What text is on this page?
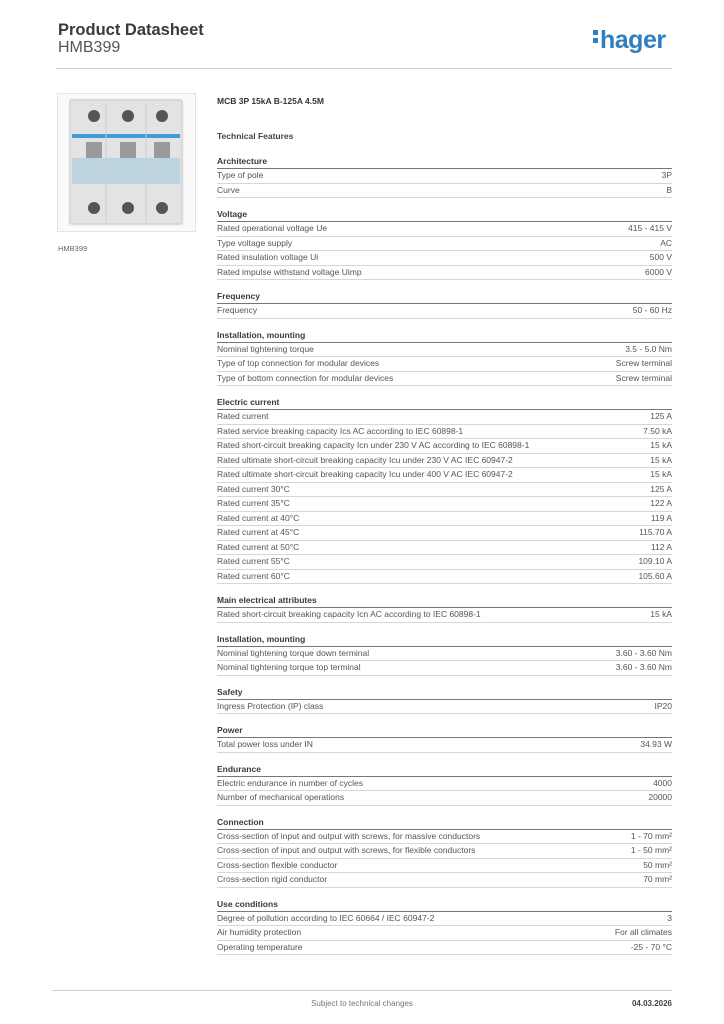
Product Datasheet
HMB399	hager
HMB399
MCB 3P 15kA B-125A 4.5M
Technical Features
Architecture
Type of pole	3P
Curve	B
Voltage
Rated operational voltage Ue	415 - 415 V
Type voltage supply	AC
Rated insulation voltage Ui	500 V
Rated impulse withstand voltage Uimp	6000 V
Frequency
Frequency	50 - 60 Hz
Installation, mounting
Nominal tightening torque	3.5 - 5.0 Nm
Type of top connection for modular devices	Screw terminal
Type of bottom connection for modular devices	Screw terminal
Electric current
Rated current	125 A
Rated service breaking capacity Ics AC according to IEC 60898-1	7.50 kA
Rated short-circuit breaking capacity Icn under 230 V AC according to IEC 60898-1	15 kA
Rated ultimate short-circuit breaking capacity Icu under 230 V AC IEC 60947-2	15 kA
Rated ultimate short-circuit breaking capacity Icu under 400 V AC IEC 60947-2	15 kA
Rated current 30°C	125 A
Rated current 35°C	122 A
Rated current at 40°C	119 A
Rated current at 45°C	115.70 A
Rated current at 50°C	112 A
Rated current 55°C	109.10 A
Rated current 60°C	105.60 A
Main electrical attributes
Rated short-circuit breaking capacity Icn AC according to IEC 60898-1	15 kA
Installation, mounting
Nominal tightening torque down terminal	3.60 - 3.60 Nm
Nominal tightening torque top terminal	3.60 - 3.60 Nm
Safety
Ingress Protection (IP) class	IP20
Power
Total power loss under IN	34.93 W
Endurance
Electric endurance in number of cycles	4000
Number of mechanical operations	20000
Connection
Cross-section of input and output with screws, for massive conductors	1 - 70 mm²
Cross-section of input and output with screws, for flexible conductors	1 - 50 mm²
Cross-section flexible conductor	50 mm²
Cross-section rigid conductor	70 mm²
Use conditions
Degree of pollution according to IEC 60664 / IEC 60947-2	3
Air humidity protection	For all climates
Operating temperature	-25 - 70 °C
Subject to technical changes	04.03.2026
